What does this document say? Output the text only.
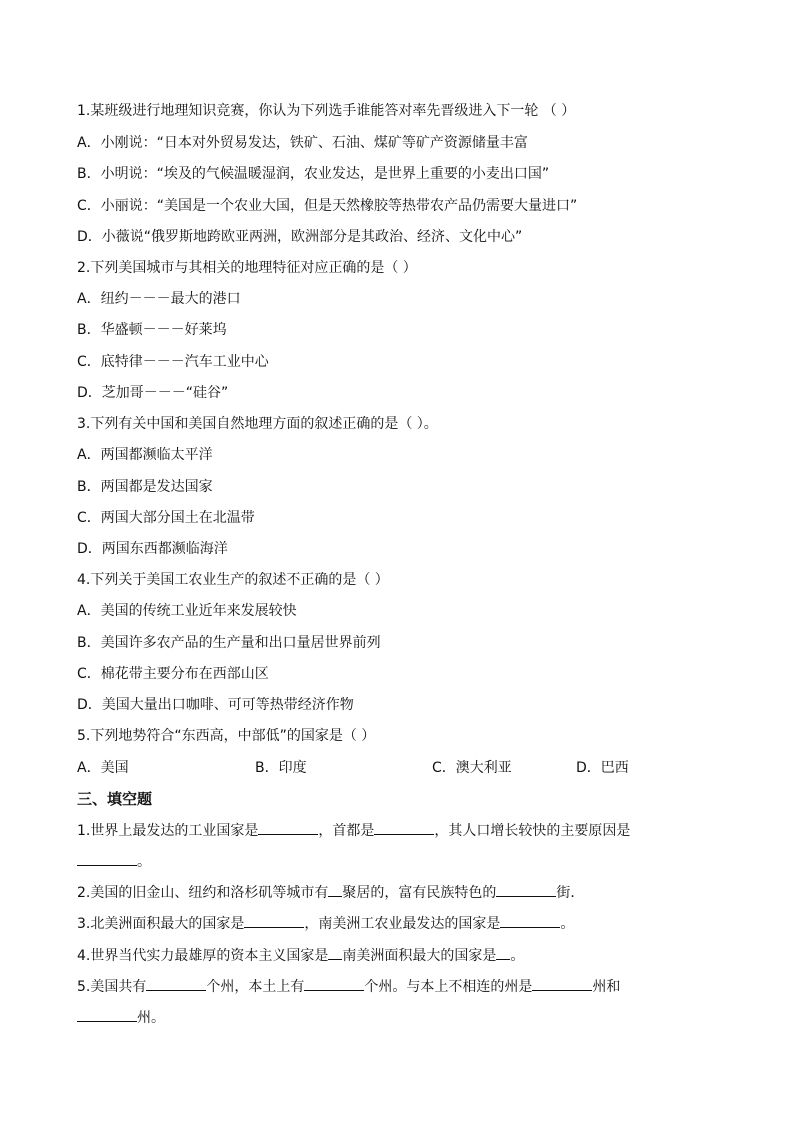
1.某班级进行地理知识竞赛，你认为下列选手谁能答对率先晋级进入下一轮 （ ）
A．小刚说：“日本对外贸易发达，铁矿、石油、煤矿等矿产资源储量丰富
B．小明说：“埃及的气候温暖湿润，农业发达，是世界上重要的小麦出口国”
C．小丽说：“美国是一个农业大国，但是天然橡胶等热带农产品仍需要大量进口”
D．小薇说“俄罗斯地跨欧亚两洲，欧洲部分是其政治、经济、文化中心”
2.下列美国城市与其相关的地理特征对应正确的是（ ）
A．纽约－－－最大的港口
B．华盛顿－－－好莱坞
C．底特律－－－汽车工业中心
D．芝加哥－－－“硅谷”
3.下列有关中国和美国自然地理方面的叙述正确的是（ ）。
A．两国都濒临太平洋
B．两国都是发达国家
C．两国大部分国土在北温带
D．两国东西都濒临海洋
4.下列关于美国工农业生产的叙述不正确的是（ ）
A．美国的传统工业近年来发展较快
B．美国许多农产品的生产量和出口量居世界前列
C．棉花带主要分布在西部山区
D．美国大量出口咖啡、可可等热带经济作物
5.下列地势符合“东西高，中部低”的国家是（ ）
A．美国	B．印度	C．澳大利亚	D．巴西
三、填空题
1.世界上最发达的工业国家是	，首都是	，其人口增长较快的主要原因是
。
2.美国的旧金山、纽约和洛杉矶等城市有 聚居的，富有民族特色的	街．
3.北美洲面积最大的国家是	，南美洲工农业最发达的国家是	。
4.世界当代实力最雄厚的资本主义国家是 南美洲面积最大的国家是 。
5.美国共有	个州，本土上有	个州。与本上不相连的州是	州和
州。
